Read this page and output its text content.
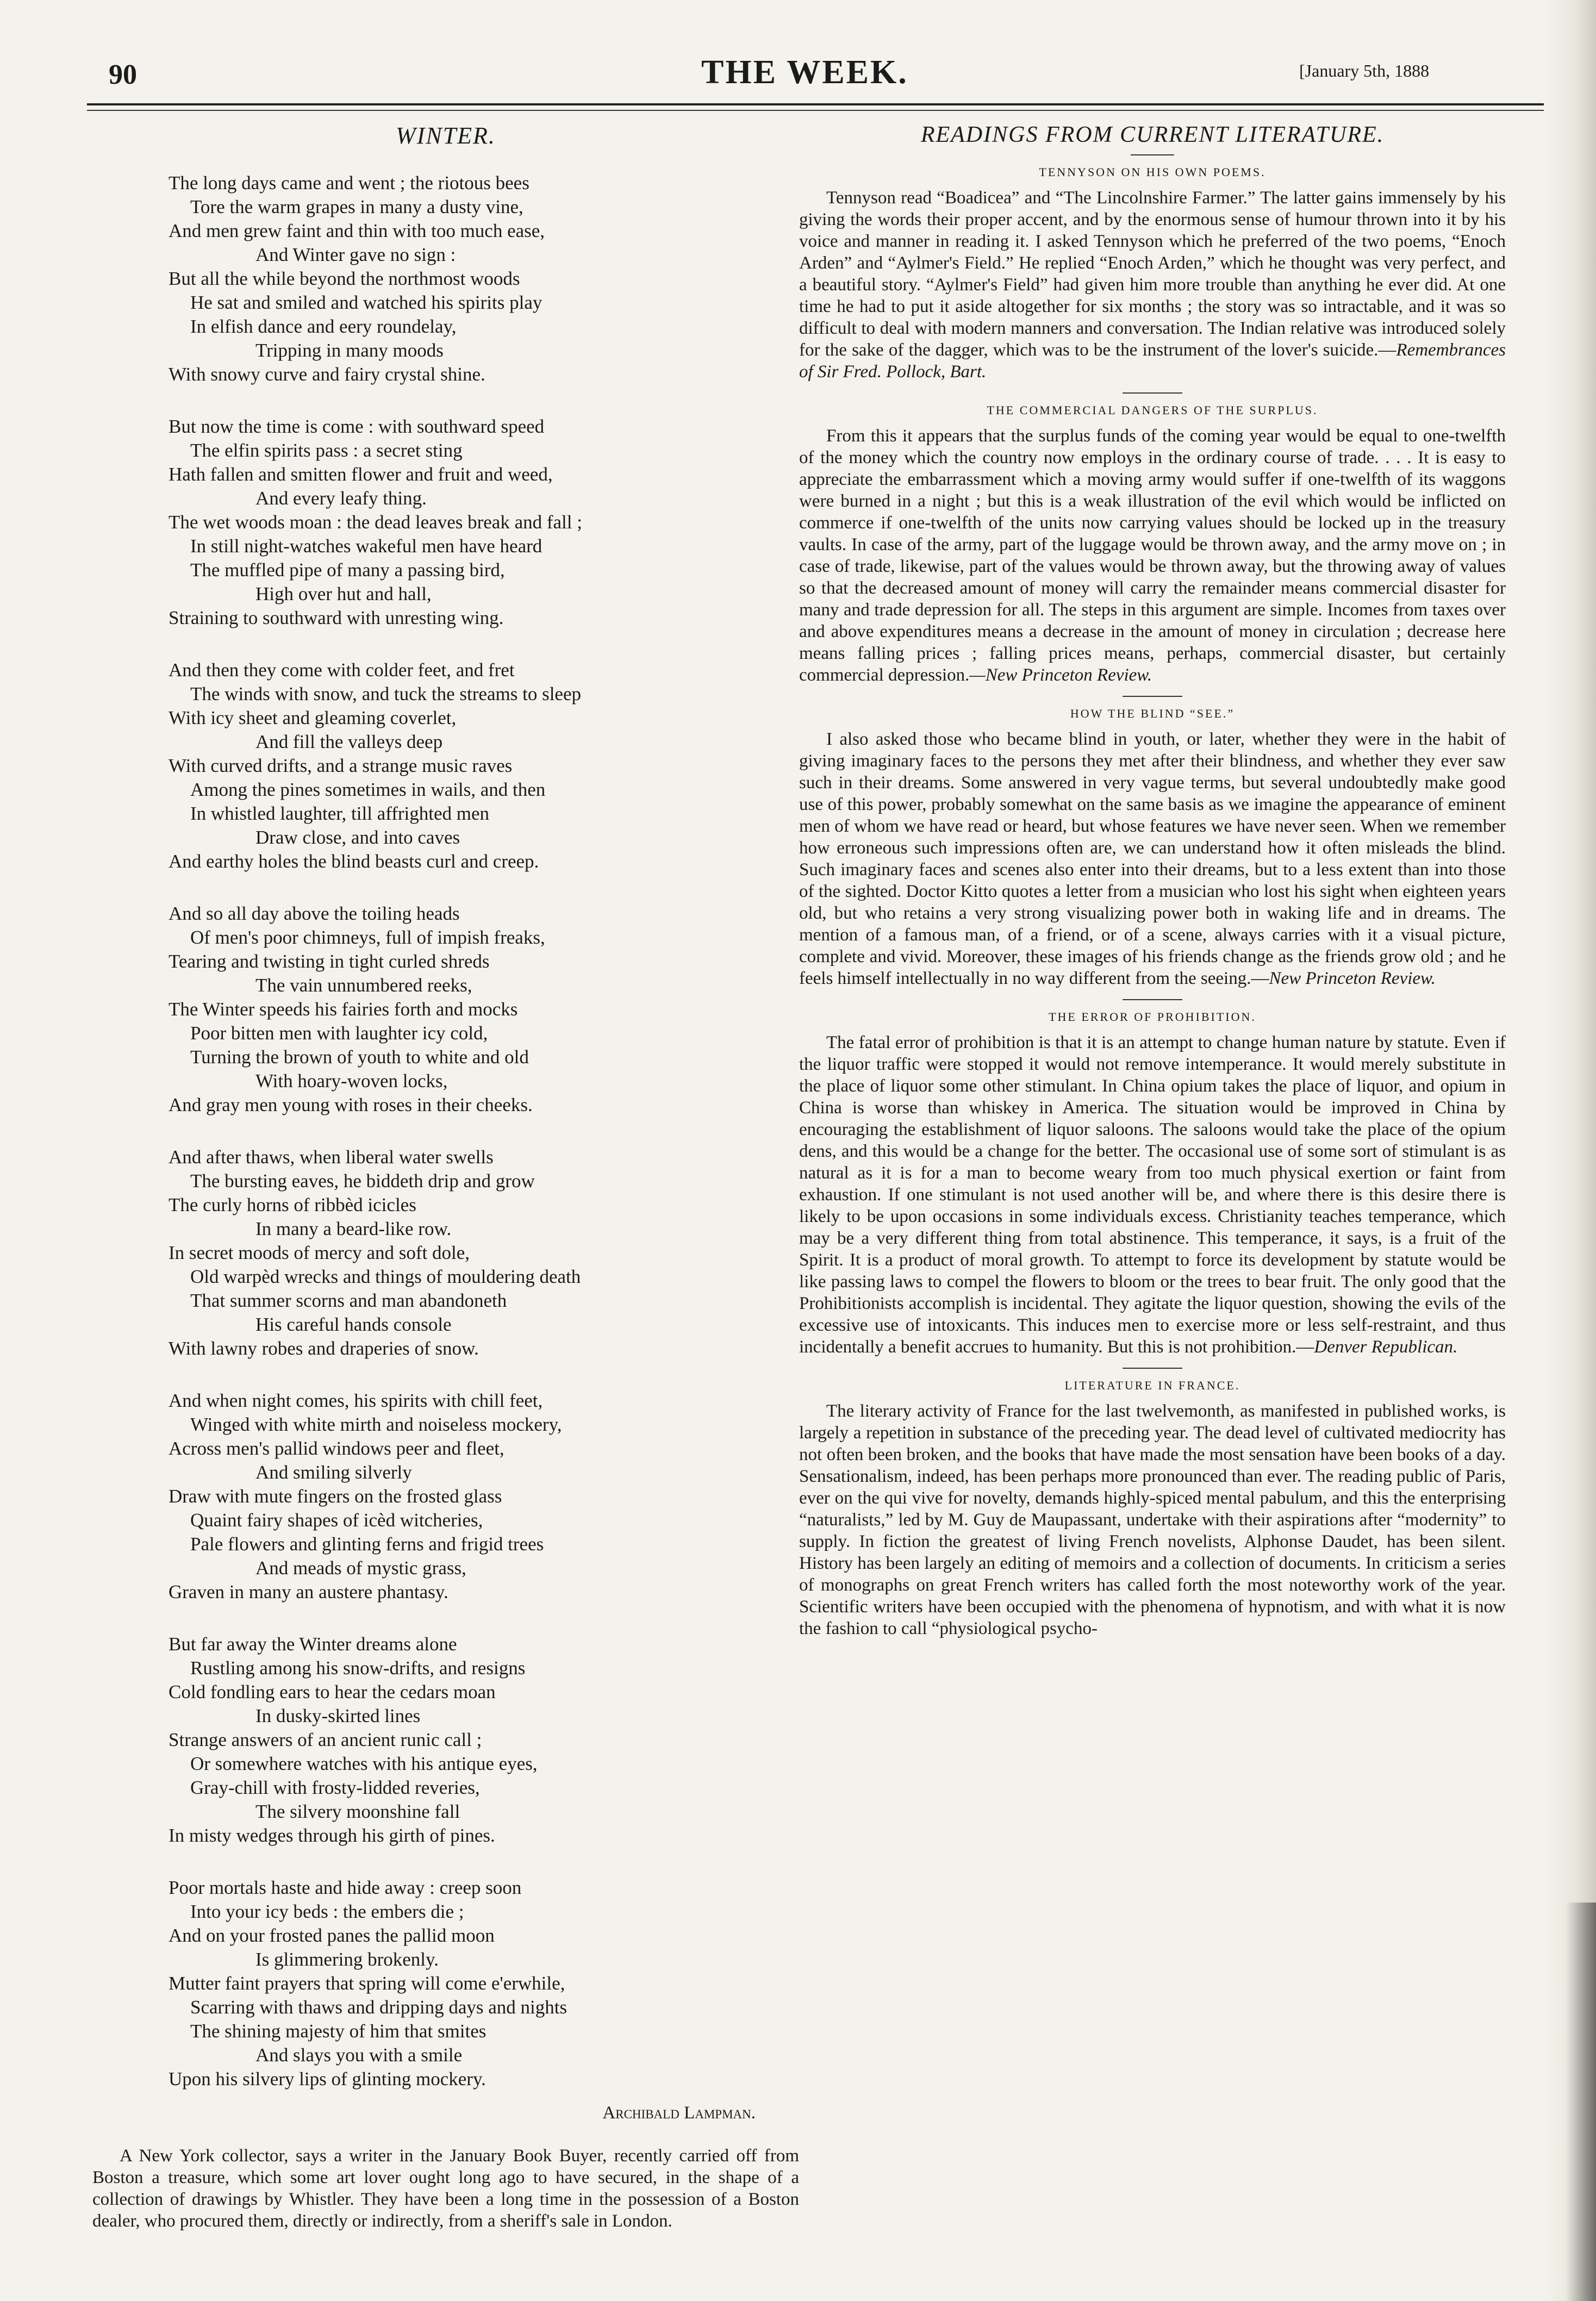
90	THE WEEK.	[January 5th, 1888
WINTER.
The long days came and went ; the riotous bees
Tore the warm grapes in many a dusty vine,
And men grew faint and thin with too much ease,
And Winter gave no sign :
But all the while beyond the northmost woods
He sat and smiled and watched his spirits play
In elfish dance and eery roundelay,
Tripping in many moods
With snowy curve and fairy crystal shine.
But now the time is come : with southward speed
The elfin spirits pass : a secret sting
Hath fallen and smitten flower and fruit and weed,
And every leafy thing.
The wet woods moan : the dead leaves break and fall ;
In still night-watches wakeful men have heard
The muffled pipe of many a passing bird,
High over hut and hall,
Straining to southward with unresting wing.
And then they come with colder feet, and fret
The winds with snow, and tuck the streams to sleep
With icy sheet and gleaming coverlet,
And fill the valleys deep
With curved drifts, and a strange music raves
Among the pines sometimes in wails, and then
In whistled laughter, till affrighted men
Draw close, and into caves
And earthy holes the blind beasts curl and creep.
And so all day above the toiling heads
Of men's poor chimneys, full of impish freaks,
Tearing and twisting in tight curled shreds
The vain unnumbered reeks,
The Winter speeds his fairies forth and mocks
Poor bitten men with laughter icy cold,
Turning the brown of youth to white and old
With hoary-woven locks,
And gray men young with roses in their cheeks.
And after thaws, when liberal water swells
The bursting eaves, he biddeth drip and grow
The curly horns of ribbèd icicles
In many a beard-like row.
In secret moods of mercy and soft dole,
Old warpèd wrecks and things of mouldering death
That summer scorns and man abandoneth
His careful hands console
With lawny robes and draperies of snow.
And when night comes, his spirits with chill feet,
Winged with white mirth and noiseless mockery,
Across men's pallid windows peer and fleet,
And smiling silverly
Draw with mute fingers on the frosted glass
Quaint fairy shapes of icèd witcheries,
Pale flowers and glinting ferns and frigid trees
And meads of mystic grass,
Graven in many an austere phantasy.
But far away the Winter dreams alone
Rustling among his snow-drifts, and resigns
Cold fondling ears to hear the cedars moan
In dusky-skirted lines
Strange answers of an ancient runic call ;
Or somewhere watches with his antique eyes,
Gray-chill with frosty-lidded reveries,
The silvery moonshine fall
In misty wedges through his girth of pines.
Poor mortals haste and hide away : creep soon
Into your icy beds : the embers die ;
And on your frosted panes the pallid moon
Is glimmering brokenly.
Mutter faint prayers that spring will come e'erwhile,
Scarring with thaws and dripping days and nights
The shining majesty of him that smites
And slays you with a smile
Upon his silvery lips of glinting mockery.
Archibald Lampman.
A New York collector, says a writer in the January Book Buyer, recently carried off from Boston a treasure, which some art lover ought long ago to have secured, in the shape of a collection of drawings by Whistler. They have been a long time in the possession of a Boston dealer, who procured them, directly or indirectly, from a sheriff's sale in London.
READINGS FROM CURRENT LITERATURE.
TENNYSON ON HIS OWN POEMS.
Tennyson read “Boadicea” and “The Lincolnshire Farmer.” The latter gains immensely by his giving the words their proper accent, and by the enormous sense of humour thrown into it by his voice and manner in reading it. I asked Tennyson which he preferred of the two poems, “Enoch Arden” and “Aylmer's Field.” He replied “Enoch Arden,” which he thought was very perfect, and a beautiful story. “Aylmer's Field” had given him more trouble than anything he ever did. At one time he had to put it aside altogether for six months ; the story was so intractable, and it was so difficult to deal with modern manners and conversation. The Indian relative was introduced solely for the sake of the dagger, which was to be the instrument of the lover's suicide.—Remembrances of Sir Fred. Pollock, Bart.
THE COMMERCIAL DANGERS OF THE SURPLUS.
From this it appears that the surplus funds of the coming year would be equal to one-twelfth of the money which the country now employs in the ordinary course of trade. . . . It is easy to appreciate the embarrassment which a moving army would suffer if one-twelfth of its waggons were burned in a night ; but this is a weak illustration of the evil which would be inflicted on commerce if one-twelfth of the units now carrying values should be locked up in the treasury vaults. In case of the army, part of the luggage would be thrown away, and the army move on ; in case of trade, likewise, part of the values would be thrown away, but the throwing away of values so that the decreased amount of money will carry the remainder means commercial disaster for many and trade depression for all. The steps in this argument are simple. Incomes from taxes over and above expenditures means a decrease in the amount of money in circulation ; decrease here means falling prices ; falling prices means, perhaps, commercial disaster, but certainly commercial depression.—New Princeton Review.
HOW THE BLIND “SEE.”
I also asked those who became blind in youth, or later, whether they were in the habit of giving imaginary faces to the persons they met after their blindness, and whether they ever saw such in their dreams. Some answered in very vague terms, but several undoubtedly make good use of this power, probably somewhat on the same basis as we imagine the appearance of eminent men of whom we have read or heard, but whose features we have never seen. When we remember how erroneous such impressions often are, we can understand how it often misleads the blind. Such imaginary faces and scenes also enter into their dreams, but to a less extent than into those of the sighted. Doctor Kitto quotes a letter from a musician who lost his sight when eighteen years old, but who retains a very strong visualizing power both in waking life and in dreams. The mention of a famous man, of a friend, or of a scene, always carries with it a visual picture, complete and vivid. Moreover, these images of his friends change as the friends grow old ; and he feels himself intellectually in no way different from the seeing.—New Princeton Review.
THE ERROR OF PROHIBITION.
The fatal error of prohibition is that it is an attempt to change human nature by statute. Even if the liquor traffic were stopped it would not remove intemperance. It would merely substitute in the place of liquor some other stimulant. In China opium takes the place of liquor, and opium in China is worse than whiskey in America. The situation would be improved in China by encouraging the establishment of liquor saloons. The saloons would take the place of the opium dens, and this would be a change for the better. The occasional use of some sort of stimulant is as natural as it is for a man to become weary from too much physical exertion or faint from exhaustion. If one stimulant is not used another will be, and where there is this desire there is likely to be upon occasions in some individuals excess. Christianity teaches temperance, which may be a very different thing from total abstinence. This temperance, it says, is a fruit of the Spirit. It is a product of moral growth. To attempt to force its development by statute would be like passing laws to compel the flowers to bloom or the trees to bear fruit. The only good that the Prohibitionists accomplish is incidental. They agitate the liquor question, showing the evils of the excessive use of intoxicants. This induces men to exercise more or less self-restraint, and thus incidentally a benefit accrues to humanity. But this is not prohibition.—Denver Republican.
LITERATURE IN FRANCE.
The literary activity of France for the last twelvemonth, as manifested in published works, is largely a repetition in substance of the preceding year. The dead level of cultivated mediocrity has not often been broken, and the books that have made the most sensation have been books of a day. Sensationalism, indeed, has been perhaps more pronounced than ever. The reading public of Paris, ever on the qui vive for novelty, demands highly-spiced mental pabulum, and this the enterprising “naturalists,” led by M. Guy de Maupassant, undertake with their aspirations after “modernity” to supply. In fiction the greatest of living French novelists, Alphonse Daudet, has been silent. History has been largely an editing of memoirs and a collection of documents. In criticism a series of monographs on great French writers has called forth the most noteworthy work of the year. Scientific writers have been occupied with the phenomena of hypnotism, and with what it is now the fashion to call “physiological psycho-
